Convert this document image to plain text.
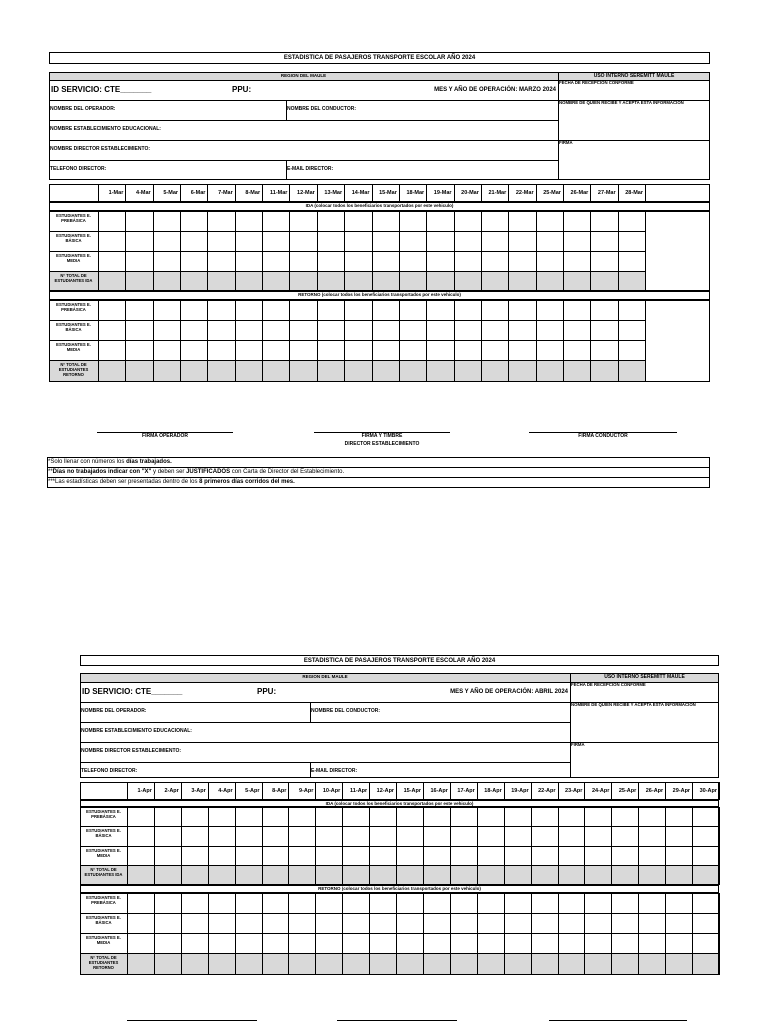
ESTADISTICA DE PASAJEROS TRANSPORTE ESCOLAR AÑO 2024
REGION DEL MAULE	USO INTERNO SEREMITT MAULE
ID SERVICIO: CTE_______	PPU:	MES Y AÑO DE OPERACIÓN: MARZO 2024
NOMBRE DEL OPERADOR:	NOMBRE DEL CONDUCTOR:
NOMBRE ESTABLECIMIENTO EDUCACIONAL:
NOMBRE DIRECTOR ESTABLECIMIENTO:
TELEFONO DIRECTOR:	E-MAIL DIRECTOR:
FECHA DE RECEPCION CONFORME
NOMBRE DE QUIEN RECIBE Y ACEPTA ESTA INFORMACION
FIRMA
1-Mar	4-Mar	5-Mar	6-Mar	7-Mar	8-Mar	11-Mar	12-Mar	13-Mar	14-Mar	15-Mar	18-Mar	19-Mar	20-Mar	21-Mar	22-Mar	25-Mar	26-Mar	27-Mar	28-Mar
IDA (colocar todos los beneficiarios transportados por este vehiculo)
ESTUDIANTES E. PREBÁSICA
ESTUDIANTES E. BÁSICA
ESTUDIANTES E. MEDIA
N° TOTAL DE ESTUDIANTES IDA
RETORNO (colocar todos los beneficiarios transportados por este vehiculo)
ESTUDIANTES E. PREBÁSICA
ESTUDIANTES E. BÁSICA
ESTUDIANTES E. MEDIA
N° TOTAL DE ESTUDIANTES RETORNO
FIRMA OPERADOR	FIRMA Y TIMBRE
DIRECTOR ESTABLECIMIENTO
FIRMA CONDUCTOR
*Solo llenar con números los días trabajados.
**Días no trabajados indicar con "X" y deben ser JUSTIFICADOS con Carta de Director del Establecimiento.
***Las estadísticas deben ser presentadas dentro de los 8 primeros días corridos del mes.
ESTADISTICA DE PASAJEROS TRANSPORTE ESCOLAR AÑO 2024
REGION DEL MAULE	USO INTERNO SEREMITT MAULE
ID SERVICIO: CTE_______	PPU:	MES Y AÑO DE OPERACIÓN: ABRIL 2024
NOMBRE DEL OPERADOR:	NOMBRE DEL CONDUCTOR:
NOMBRE ESTABLECIMIENTO EDUCACIONAL:
NOMBRE DIRECTOR ESTABLECIMIENTO:
TELEFONO DIRECTOR:	E-MAIL DIRECTOR:
FECHA DE RECEPCION CONFORME
NOMBRE DE QUIEN RECIBE Y ACEPTA ESTA INFORMACION
FIRMA
1-Apr	2-Apr	3-Apr	4-Apr	5-Apr	8-Apr	9-Apr	10-Apr	11-Apr	12-Apr	15-Apr	16-Apr	17-Apr	18-Apr	19-Apr	22-Apr	23-Apr	24-Apr	25-Apr	26-Apr	29-Apr	30-Apr
IDA (colocar todos los beneficiarios transportados por este vehiculo)
ESTUDIANTES E. PREBÁSICA
ESTUDIANTES E. BÁSICA
ESTUDIANTES E. MEDIA
N° TOTAL DE ESTUDIANTES IDA
RETORNO (colocar todos los beneficiarios transportados por este vehiculo)
ESTUDIANTES E. PREBÁSICA
ESTUDIANTES E. BÁSICA
ESTUDIANTES E. MEDIA
N° TOTAL DE ESTUDIANTES RETORNO
